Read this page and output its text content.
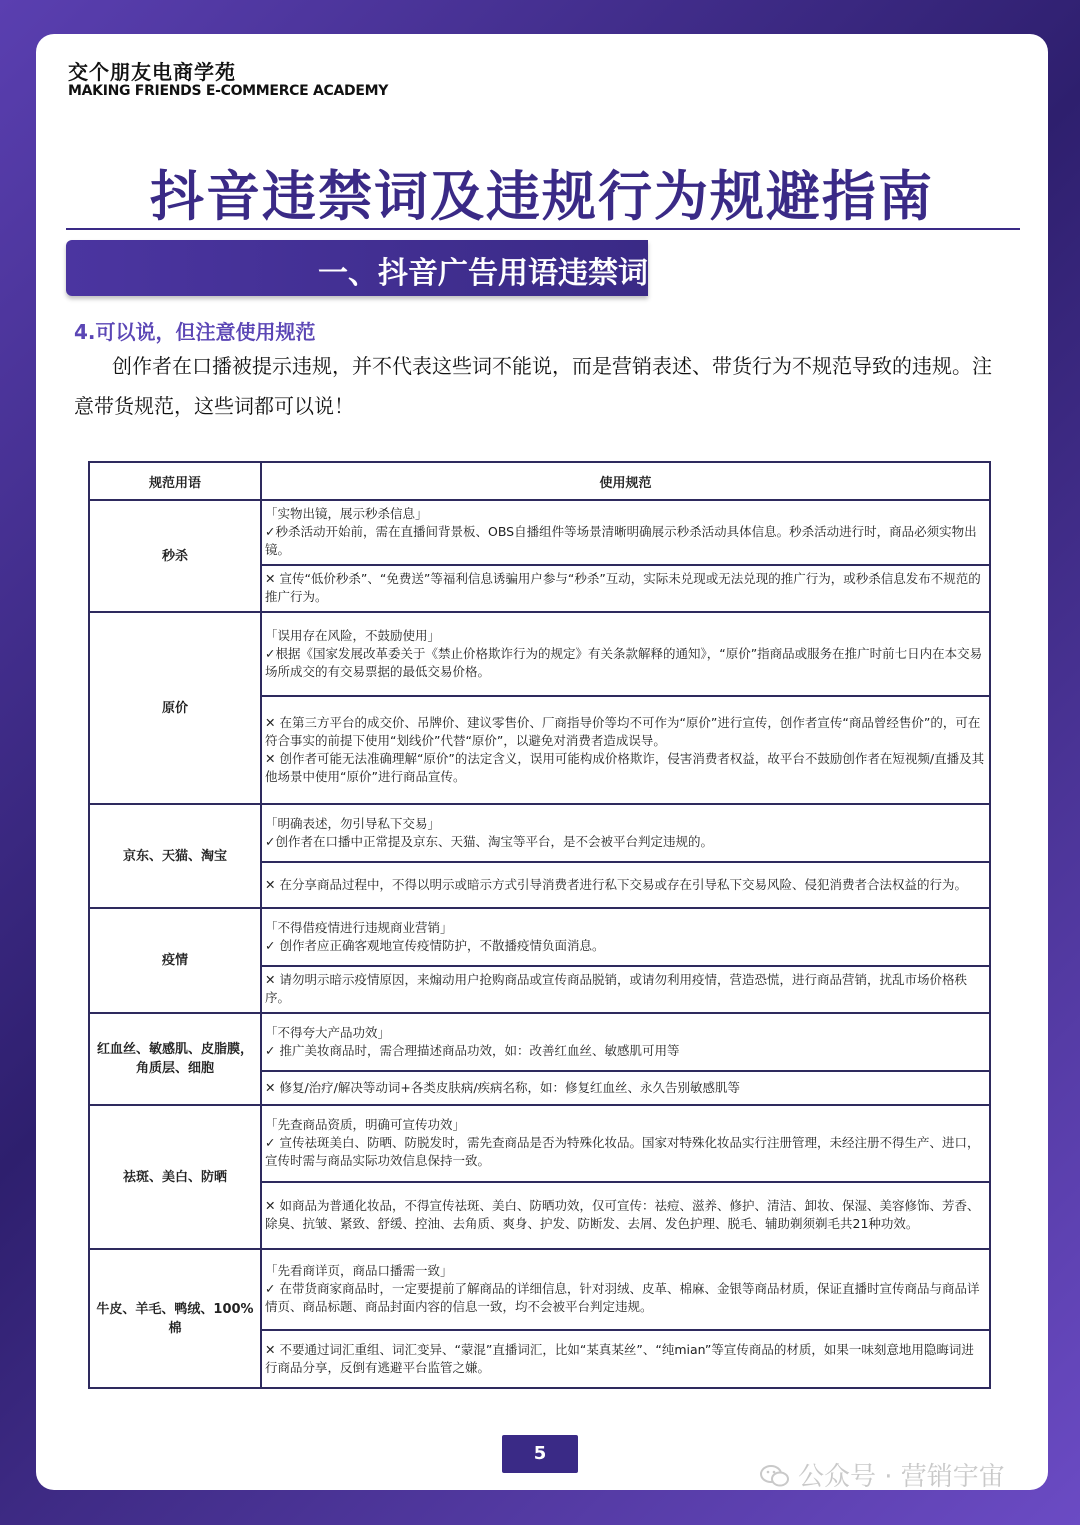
交个朋友电商学苑
MAKING FRIENDS E-COMMERCE ACADEMY
抖音违禁词及违规行为规避指南
一、抖音广告用语违禁词
4.可以说，但注意使用规范
创作者在口播被提示违规，并不代表这些词不能说，而是营销表述、带货行为不规范导致的违规。注意带货规范，这些词都可以说！
规范用语	使用规范
秒杀	「实物出镜，展示秒杀信息」
✓秒杀活动开始前，需在直播间背景板、OBS自播组件等场景清晰明确展示秒杀活动具体信息。秒杀活动进行时，商品必须实物出镜。
	✕ 宣传“低价秒杀”、“免费送”等福利信息诱骗用户参与“秒杀”互动，实际未兑现或无法兑现的推广行为，或秒杀信息发布不规范的推广行为。
原价	「误用存在风险，不鼓励使用」
✓根据《国家发展改革委关于《禁止价格欺诈行为的规定》有关条款解释的通知》，“原价”指商品或服务在推广时前七日内在本交易场所成交的有交易票据的最低交易价格。

	✕ 在第三方平台的成交价、吊牌价、建议零售价、厂商指导价等均不可作为“原价”进行宣传，创作者宣传“商品曾经售价”的，可在符合事实的前提下使用“划线价”代替“原价”，以避免对消费者造成误导。
✕ 创作者可能无法准确理解“原价”的法定含义，误用可能构成价格欺诈，侵害消费者权益，故平台不鼓励创作者在短视频/直播及其他场景中使用“原价”进行商品宣传。

京东、天猫、淘宝	「明确表述，勿引导私下交易」
✓创作者在口播中正常提及京东、天猫、淘宝等平台，是不会被平台判定违规的。
	✕ 在分享商品过程中，不得以明示或暗示方式引导消费者进行私下交易或存在引导私下交易风险、侵犯消费者合法权益的行为。
疫情	「不得借疫情进行违规商业营销」
✓ 创作者应正确客观地宣传疫情防护，不散播疫情负面消息。
	✕ 请勿明示暗示疫情原因，来煽动用户抢购商品或宣传商品脱销，或请勿利用疫情，营造恐慌，进行商品营销，扰乱市场价格秩序。
红血丝、敏感肌、皮脂膜，角质层、细胞	「不得夸大产品功效」
✓ 推广美妆商品时，需合理描述商品功效，如：改善红血丝、敏感肌可用等
	✕ 修复/治疗/解决等动词+各类皮肤病/疾病名称，如：修复红血丝、永久告别敏感肌等
祛斑、美白、防晒	「先查商品资质，明确可宣传功效」
✓ 宣传祛斑美白、防晒、防脱发时，需先查商品是否为特殊化妆品。国家对特殊化妆品实行注册管理，未经注册不得生产、进口，宣传时需与商品实际功效信息保持一致。
	✕ 如商品为普通化妆品，不得宣传祛斑、美白、防晒功效，仅可宣传：祛痘、滋养、修护、清洁、卸妆、保湿、美容修饰、芳香、除臭、抗皱、紧致、舒缓、控油、去角质、爽身、护发、防断发、去屑、发色护理、脱毛、辅助剃须剃毛共21种功效。
牛皮、羊毛、鸭绒、100%棉	「先看商详页，商品口播需一致」
✓ 在带货商家商品时，一定要提前了解商品的详细信息，针对羽绒、皮革、棉麻、金银等商品材质，保证直播时宣传商品与商品详情页、商品标题、商品封面内容的信息一致，均不会被平台判定违规。
	✕ 不要通过词汇重组、词汇变异、“蒙混”直播词汇，比如“某真某丝”、“纯mian”等宣传商品的材质，如果一味刻意地用隐晦词进行商品分享，反倒有逃避平台监管之嫌。
5
公众号 · 营销宇宙
